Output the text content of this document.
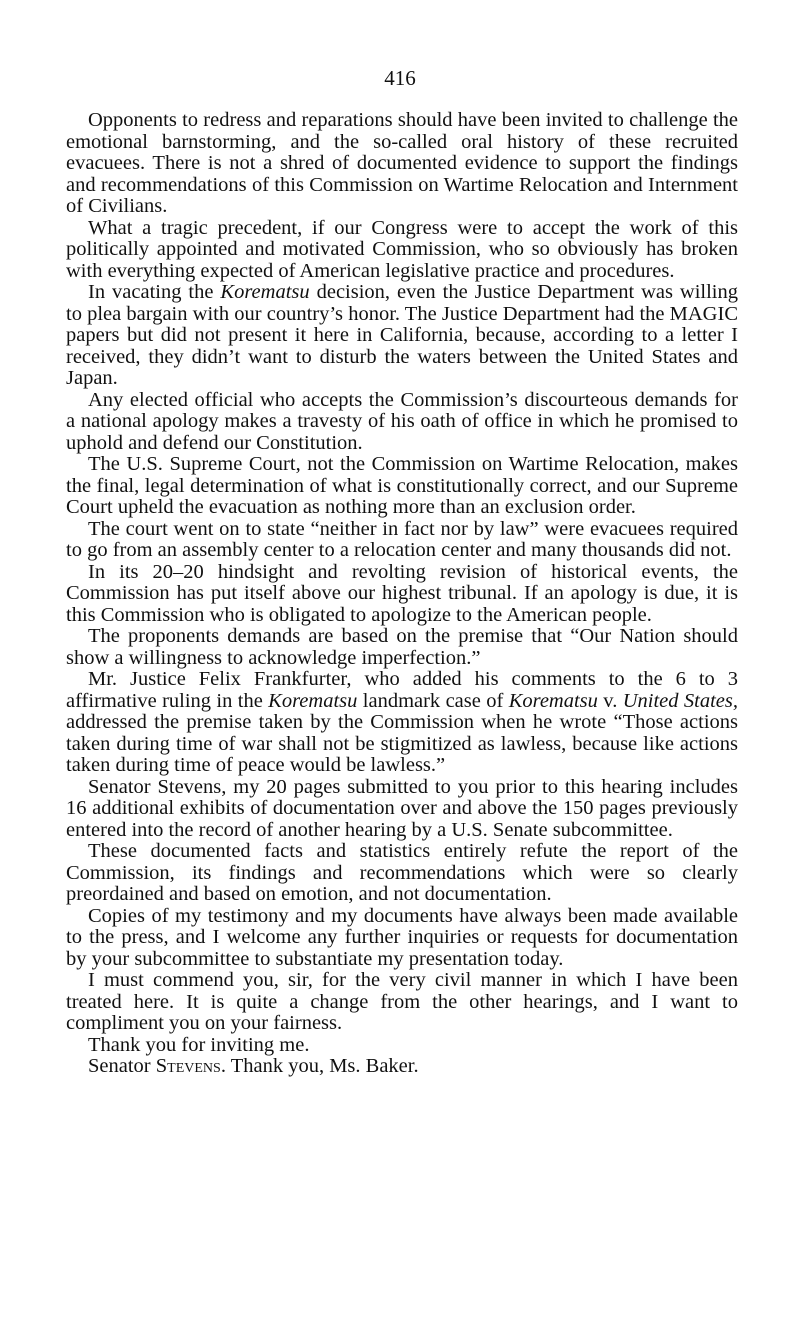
416

Opponents to redress and reparations should have been invited to challenge the emotional barnstorming, and the so-called oral history of these recruited evacuees. There is not a shred of documented evidence to support the findings and recommendations of this Commission on Wartime Relocation and Internment of Civilians.

What a tragic precedent, if our Congress were to accept the work of this politically appointed and motivated Commission, who so obviously has broken with everything expected of American legislative practice and procedures.

In vacating the Korematsu decision, even the Justice Department was willing to plea bargain with our country’s honor. The Justice Department had the MAGIC papers but did not present it here in California, because, according to a letter I received, they didn’t want to disturb the waters between the United States and Japan.

Any elected official who accepts the Commission’s discourteous demands for a national apology makes a travesty of his oath of office in which he promised to uphold and defend our Constitution.

The U.S. Supreme Court, not the Commission on Wartime Relocation, makes the final, legal determination of what is constitutionally correct, and our Supreme Court upheld the evacuation as nothing more than an exclusion order.

The court went on to state “neither in fact nor by law” were evacuees required to go from an assembly center to a relocation center and many thousands did not.

In its 20–20 hindsight and revolting revision of historical events, the Commission has put itself above our highest tribunal. If an apology is due, it is this Commission who is obligated to apologize to the American people.

The proponents demands are based on the premise that “Our Nation should show a willingness to acknowledge imperfection.”

Mr. Justice Felix Frankfurter, who added his comments to the 6 to 3 affirmative ruling in the Korematsu landmark case of Korematsu v. United States, addressed the premise taken by the Commission when he wrote “Those actions taken during time of war shall not be stigmitized as lawless, because like actions taken during time of peace would be lawless.”

Senator Stevens, my 20 pages submitted to you prior to this hearing includes 16 additional exhibits of documentation over and above the 150 pages previously entered into the record of another hearing by a U.S. Senate subcommittee.

These documented facts and statistics entirely refute the report of the Commission, its findings and recommendations which were so clearly preordained and based on emotion, and not documentation.

Copies of my testimony and my documents have always been made available to the press, and I welcome any further inquiries or requests for documentation by your subcommittee to substantiate my presentation today.

I must commend you, sir, for the very civil manner in which I have been treated here. It is quite a change from the other hearings, and I want to compliment you on your fairness.

Thank you for inviting me.

Senator Stevens. Thank you, Ms. Baker.
